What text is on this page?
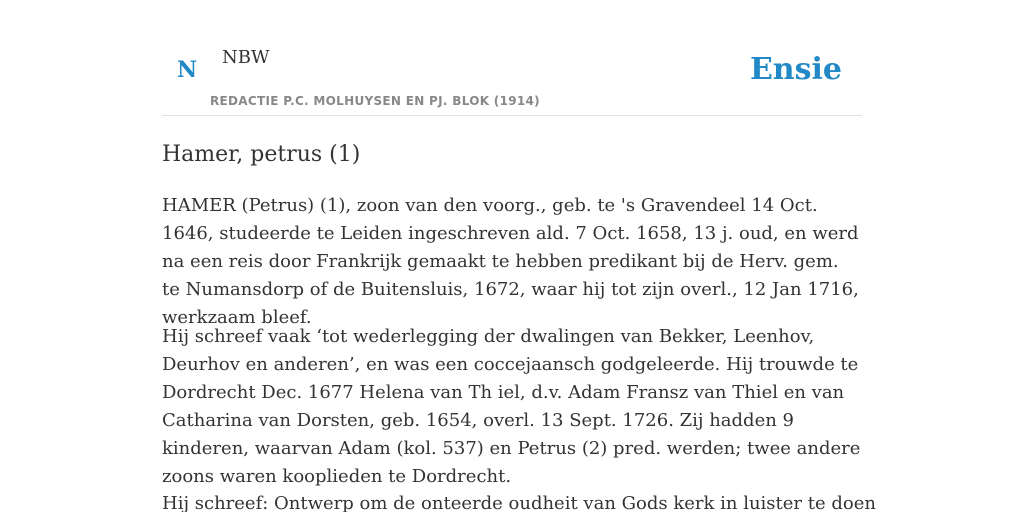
N NBW
REDACTIE P.C. MOLHUYSEN EN PJ. BLOK (1914)
Ensie
Hamer, petrus (1)

HAMER (Petrus) (1), zoon van den voorg., geb. te 's Gravendeel 14 Oct. 1646, studeerde te Leiden ingeschreven ald. 7 Oct. 1658, 13 j. oud, en werd na een reis door Frankrijk gemaakt te hebben predikant bij de Herv. gem. te Numansdorp of de Buitensluis, 1672, waar hij tot zijn overl., 12 Jan 1716, werkzaam bleef.

Hij schreef vaak ‘tot wederlegging der dwalingen van Bekker, Leenhov, Deurhov en anderen’, en was een coccejaansch godgeleerde. Hij trouwde te Dordrecht Dec. 1677 Helena van Th iel, d.v. Adam Fransz van Thiel en van Catharina van Dorsten, geb. 1654, overl. 13 Sept. 1726. Zij hadden 9 kinderen, waarvan Adam (kol. 537) en Petrus (2) pred. werden; twee andere zoons waren kooplieden te Dordrecht.

Hij schreef: Ontwerp om de onteerde oudheit van Gods kerk in luister te doen
